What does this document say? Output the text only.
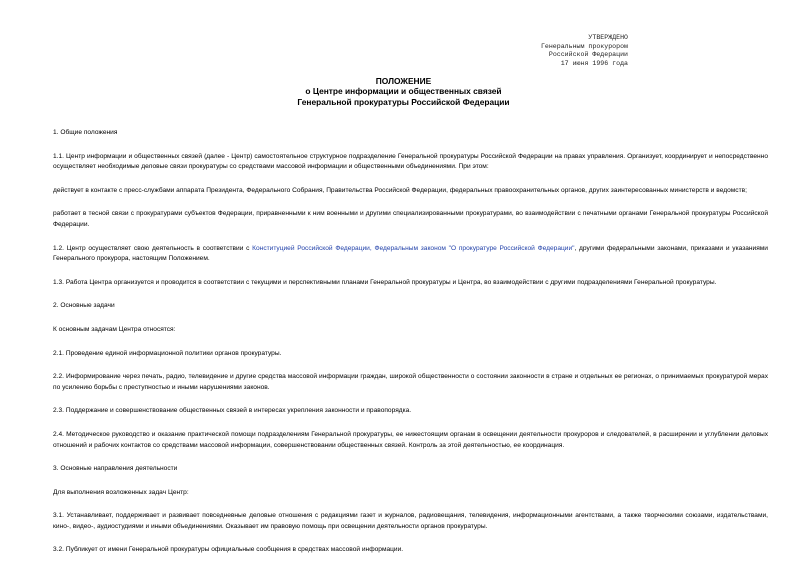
УТВЕРЖДЕНО
Генеральным прокурором
Российской Федерации
17 июня 1996 года
ПОЛОЖЕНИЕ
о Центре информации и общественных связей
Генеральной прокуратуры Российской Федерации

1. Общие положения

1.1. Центр информации и общественных связей (далее - Центр) самостоятельное структурное подразделение Генеральной прокуратуры Российской Федерации на правах управления. Организует, координирует и непосредственно осуществляет необходимые деловые связи прокуратуры со средствами массовой информации и общественными объединениями. При этом:

действует в контакте с пресс-службами аппарата Президента, Федерального Собрания, Правительства Российской Федерации, федеральных правоохранительных органов, других заинтересованных министерств и ведомств;

работает в тесной связи с прокуратурами субъектов Федерации, приравненными к ним военными и другими специализированными прокуратурами, во взаимодействии с печатными органами Генеральной прокуратуры Российской Федерации.

1.2. Центр осуществляет свою деятельность в соответствии с Конституцией Российской Федерации, Федеральным законом "О прокуратуре Российской Федерации", другими федеральными законами, приказами и указаниями Генерального прокурора, настоящим Положением.

1.3. Работа Центра организуется и проводится в соответствии с текущими и перспективными планами Генеральной прокуратуры и Центра, во взаимодействии с другими подразделениями Генеральной прокуратуры.

2. Основные задачи

К основным задачам Центра относятся:

2.1. Проведение единой информационной политики органов прокуратуры.

2.2. Информирование через печать, радио, телевидение и другие средства массовой информации граждан, широкой общественности о состоянии законности в стране и отдельных ее регионах, о принимаемых прокуратурой мерах по усилению борьбы с преступностью и иными нарушениями законов.

2.3. Поддержание и совершенствование общественных связей в интересах укрепления законности и правопорядка.

2.4. Методическое руководство и оказание практической помощи подразделениям Генеральной прокуратуры, ее нижестоящим органам в освещении деятельности прокуроров и следователей, в расширении и углублении деловых отношений и рабочих контактов со средствами массовой информации, совершенствовании общественных связей. Контроль за этой деятельностью, ее координация.

3. Основные направления деятельности

Для выполнения возложенных задач Центр:

3.1. Устанавливает, поддерживает и развивает повседневные деловые отношения с редакциями газет и журналов, радиовещания, телевидения, информационными агентствами, а также творческими союзами, издательствами, кино-, видео-, аудиостудиями и иными объединениями. Оказывает им правовую помощь при освещении деятельности органов прокуратуры.

3.2. Публикует от имени Генеральной прокуратуры официальные сообщения в средствах массовой информации.
